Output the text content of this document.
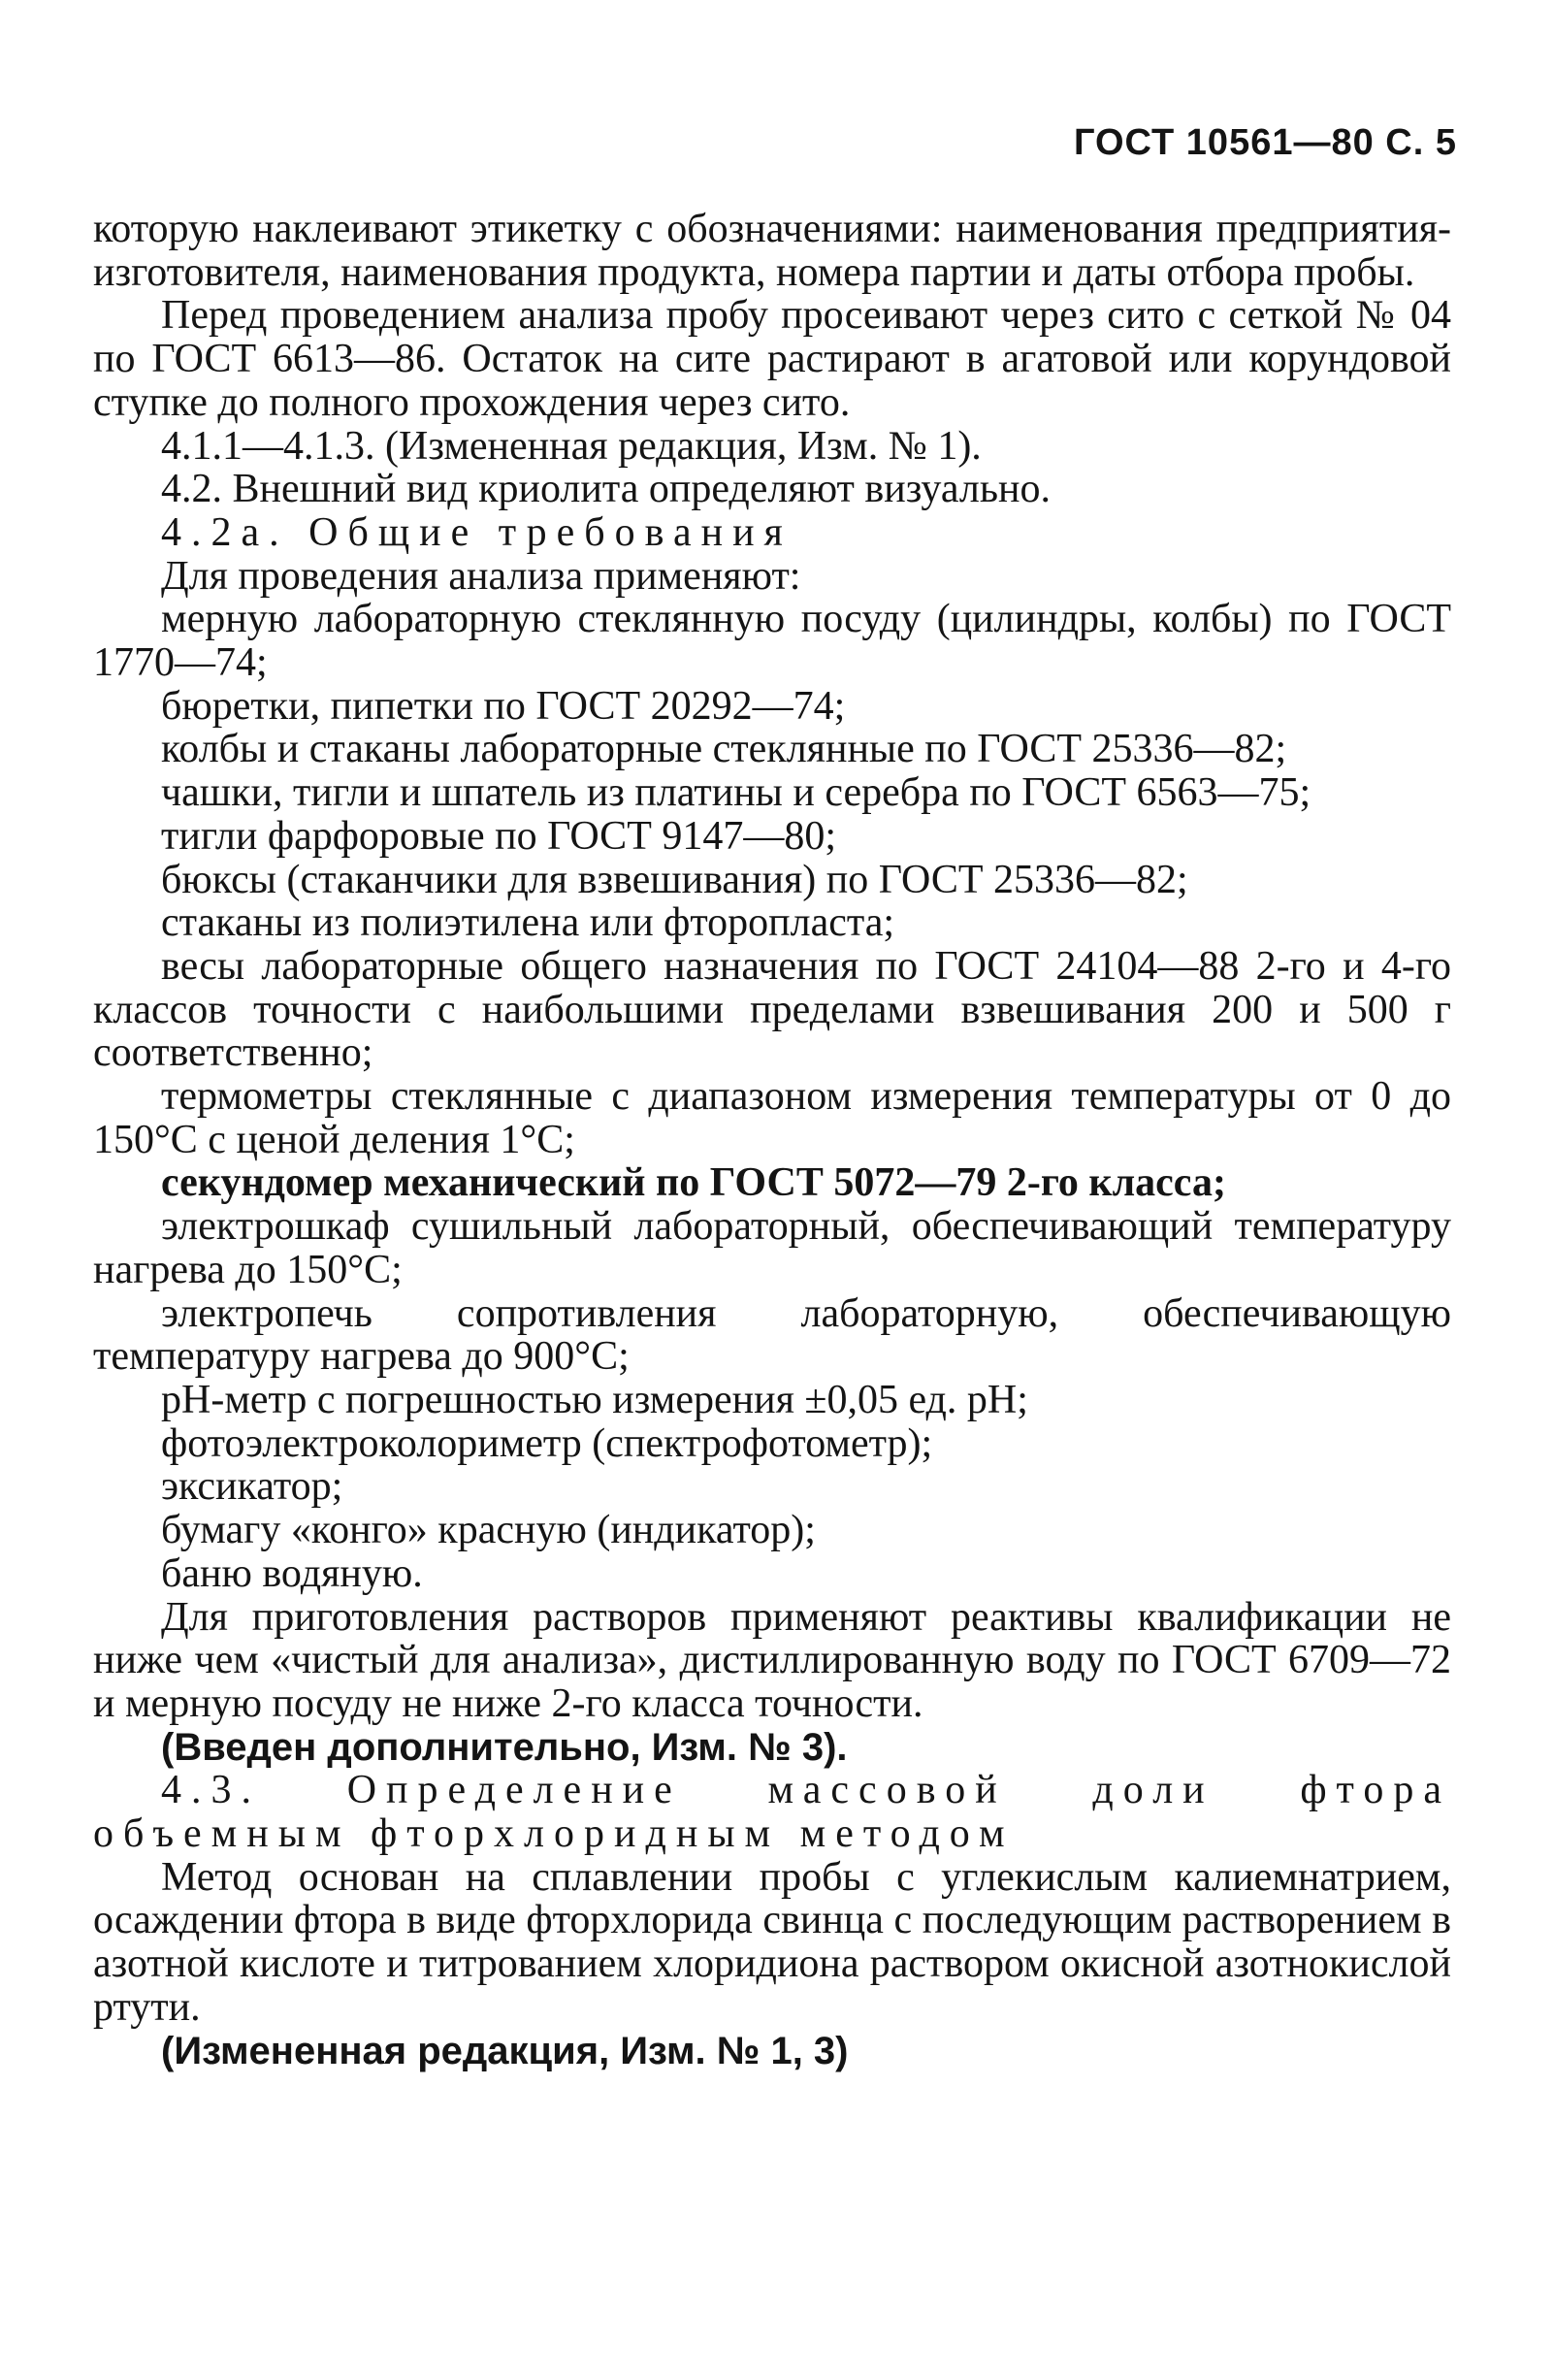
ГОСТ 10561—80 С. 5

которую наклеивают этикетку с обозначениями: наименования предприятия-изготовителя, наименования продукта, номера партии и даты отбора пробы.

Перед проведением анализа пробу просеивают через сито с сеткой № 04 по ГОСТ 6613—86. Остаток на сите растирают в агатовой или корундовой ступке до полного прохождения через сито.

4.1.1—4.1.3. (Измененная редакция, Изм. № 1).

4.2. Внешний вид криолита определяют визуально.

4.2а. Общие требования

Для проведения анализа применяют:

мерную лабораторную стеклянную посуду (цилиндры, колбы) по ГОСТ 1770—74;

бюретки, пипетки по ГОСТ 20292—74;

колбы и стаканы лабораторные стеклянные по ГОСТ 25336—82;

чашки, тигли и шпатель из платины и серебра по ГОСТ 6563—75;

тигли фарфоровые по ГОСТ 9147—80;

бюксы (стаканчики для взвешивания) по ГОСТ 25336—82;

стаканы из полиэтилена или фторопласта;

весы лабораторные общего назначения по ГОСТ 24104—88 2-го и 4-го классов точности с наибольшими пределами взвешивания 200 и 500 г соответственно;

термометры стеклянные с диапазоном измерения температуры от 0 до 150°С с ценой деления 1°С;

секундомер механический по ГОСТ 5072—79 2-го класса;

электрошкаф сушильный лабораторный, обеспечивающий температуру нагрева до 150°С;

электропечь сопротивления лабораторную, обеспечивающую температуру нагрева до 900°С;

рН-метр с погрешностью измерения ±0,05 ед. рН;

фотоэлектроколориметр (спектрофотометр);

эксикатор;

бумагу «конго» красную (индикатор);

баню водяную.

Для приготовления растворов применяют реактивы квалификации не ниже чем «чистый для анализа», дистиллированную воду по ГОСТ 6709—72 и мерную посуду не ниже 2-го класса точности.

(Введен дополнительно, Изм. № 3).

4.3. Определение массовой доли фтора объемным фторхлоридным методом

Метод основан на сплавлении пробы с углекислым калиемнатрием, осаждении фтора в виде фторхлорида свинца с последующим растворением в азотной кислоте и титрованием хлоридиона раствором окисной азотнокислой ртути.

(Измененная редакция, Изм. № 1, 3)
